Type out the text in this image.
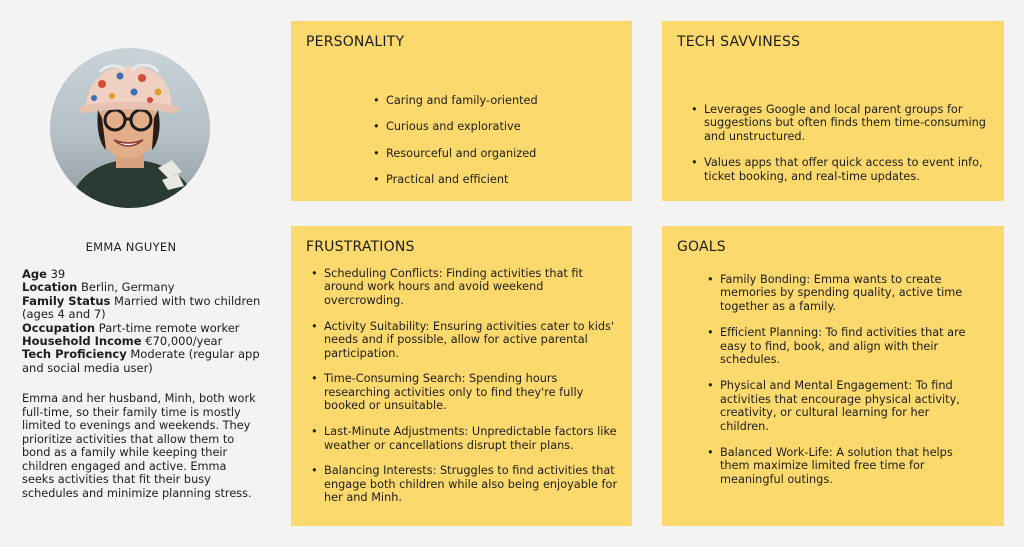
EMMA NGUYEN
Age 39
Location Berlin, Germany
Family Status Married with two children (ages 4 and 7)
Occupation Part-time remote worker
Household Income €70,000/year
Tech Proficiency Moderate (regular app and social media user)

Emma and her husband, Minh, both work full-time, so their family time is mostly limited to evenings and weekends. They prioritize activities that allow them to bond as a family while keeping their children engaged and active. Emma seeks activities that fit their busy schedules and minimize planning stress.

PERSONALITY
• Caring and family-oriented
• Curious and explorative
• Resourceful and organized
• Practical and efficient
TECH SAVVINESS
• Leverages Google and local parent groups for suggestions but often finds them time-consuming and unstructured.
• Values apps that offer quick access to event info, ticket booking, and real-time updates.
FRUSTRATIONS
• Scheduling Conflicts: Finding activities that fit around work hours and avoid weekend overcrowding.
• Activity Suitability: Ensuring activities cater to kids' needs and if possible, allow for active parental participation.
• Time-Consuming Search: Spending hours researching activities only to find they're fully booked or unsuitable.
• Last-Minute Adjustments: Unpredictable factors like weather or cancellations disrupt their plans.
• Balancing Interests: Struggles to find activities that engage both children while also being enjoyable for her and Minh.
GOALS
• Family Bonding: Emma wants to create memories by spending quality, active time together as a family.
• Efficient Planning: To find activities that are easy to find, book, and align with their schedules.
• Physical and Mental Engagement: To find activities that encourage physical activity, creativity, or cultural learning for her children.
• Balanced Work-Life: A solution that helps them maximize limited free time for meaningful outings.
